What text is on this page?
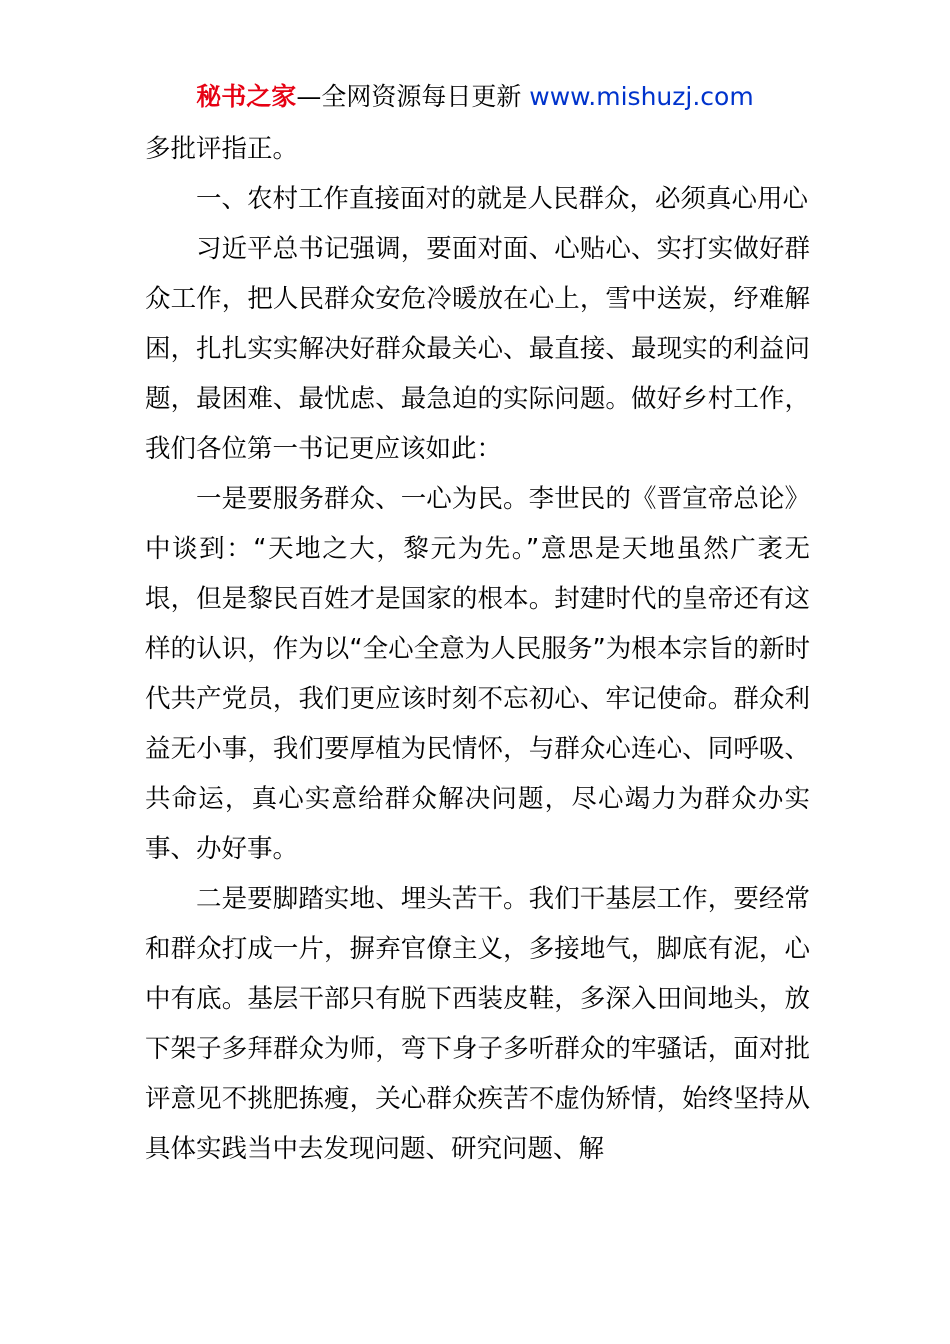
秘书之家—全网资源每日更新 www.mishuzj.com

多批评指正。

一、农村工作直接面对的就是人民群众，必须真心用心

习近平总书记强调，要面对面、心贴心、实打实做好群众工作，把人民群众安危冷暖放在心上，雪中送炭，纾难解困，扎扎实实解决好群众最关心、最直接、最现实的利益问题，最困难、最忧虑、最急迫的实际问题。做好乡村工作，我们各位第一书记更应该如此：

一是要服务群众、一心为民。李世民的《晋宣帝总论》中谈到：“天地之大，黎元为先。”意思是天地虽然广袤无垠，但是黎民百姓才是国家的根本。封建时代的皇帝还有这样的认识，作为以“全心全意为人民服务”为根本宗旨的新时代共产党员，我们更应该时刻不忘初心、牢记使命。群众利益无小事，我们要厚植为民情怀，与群众心连心、同呼吸、共命运，真心实意给群众解决问题，尽心竭力为群众办实事、办好事。

二是要脚踏实地、埋头苦干。我们干基层工作，要经常和群众打成一片，摒弃官僚主义，多接地气，脚底有泥，心中有底。基层干部只有脱下西装皮鞋，多深入田间地头，放下架子多拜群众为师，弯下身子多听群众的牢骚话，面对批评意见不挑肥拣瘦，关心群众疾苦不虚伪矫情，始终坚持从具体实践当中去发现问题、研究问题、解
